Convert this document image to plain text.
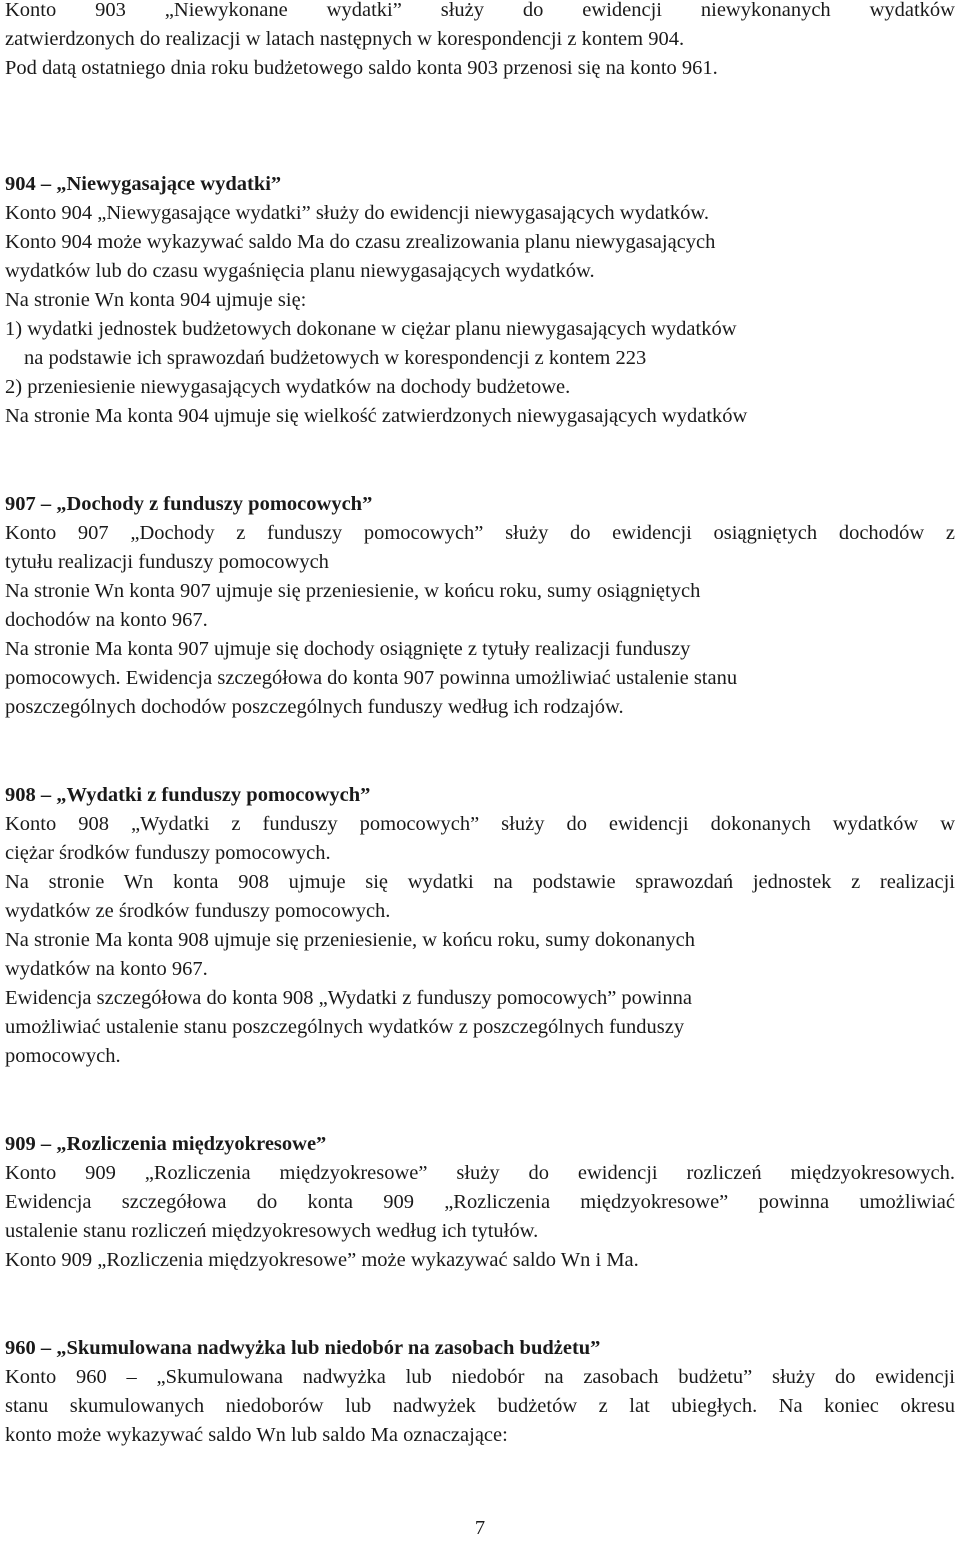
Konto 903 „Niewykonane wydatki” służy do ewidencji niewykonanych wydatków
zatwierdzonych do realizacji w latach następnych w korespondencji z kontem 904.
Pod datą ostatniego dnia roku budżetowego saldo konta 903 przenosi się na konto 961.
904 – „Niewygasające wydatki”
Konto 904 „Niewygasające wydatki” służy do ewidencji niewygasających wydatków.
Konto 904 może wykazywać saldo Ma do czasu zrealizowania planu niewygasających
wydatków lub do czasu wygaśnięcia planu niewygasających wydatków.
Na stronie Wn konta 904 ujmuje się:
1) wydatki jednostek budżetowych dokonane w ciężar planu niewygasających wydatków
na podstawie ich sprawozdań budżetowych w korespondencji z kontem 223
2) przeniesienie niewygasających wydatków na dochody budżetowe.
Na stronie Ma konta 904 ujmuje się wielkość zatwierdzonych niewygasających wydatków
907 – „Dochody z funduszy pomocowych”
Konto 907 „Dochody z funduszy pomocowych” służy do ewidencji osiągniętych dochodów z
tytułu realizacji funduszy pomocowych
Na stronie Wn konta 907 ujmuje się przeniesienie, w końcu roku, sumy osiągniętych
dochodów na konto 967.
Na stronie Ma konta 907 ujmuje się dochody osiągnięte z tytuły realizacji funduszy
pomocowych. Ewidencja szczegółowa do konta 907 powinna umożliwiać ustalenie stanu
poszczególnych dochodów poszczególnych funduszy według ich rodzajów.
908 – „Wydatki z funduszy pomocowych”
Konto 908 „Wydatki z funduszy pomocowych” służy do ewidencji dokonanych wydatków w
ciężar środków funduszy pomocowych.
Na stronie Wn konta 908 ujmuje się wydatki na podstawie sprawozdań jednostek z realizacji
wydatków ze środków funduszy pomocowych.
Na stronie Ma konta 908 ujmuje się przeniesienie, w końcu roku, sumy dokonanych
wydatków na konto 967.
Ewidencja szczegółowa do konta 908 „Wydatki z funduszy pomocowych” powinna
umożliwiać ustalenie stanu poszczególnych wydatków z poszczególnych funduszy
pomocowych.
909 – „Rozliczenia międzyokresowe”
Konto 909 „Rozliczenia międzyokresowe” służy do ewidencji rozliczeń międzyokresowych.
Ewidencja szczegółowa do konta 909 „Rozliczenia międzyokresowe” powinna umożliwiać
ustalenie stanu rozliczeń międzyokresowych według ich tytułów.
Konto 909 „Rozliczenia międzyokresowe” może wykazywać saldo Wn i Ma.
960 – „Skumulowana nadwyżka lub niedobór na zasobach budżetu”
Konto 960 – „Skumulowana nadwyżka lub niedobór na zasobach budżetu” służy do ewidencji
stanu skumulowanych niedoborów lub nadwyżek budżetów z lat ubiegłych. Na koniec okresu
konto może wykazywać saldo Wn lub saldo Ma oznaczające:
7
